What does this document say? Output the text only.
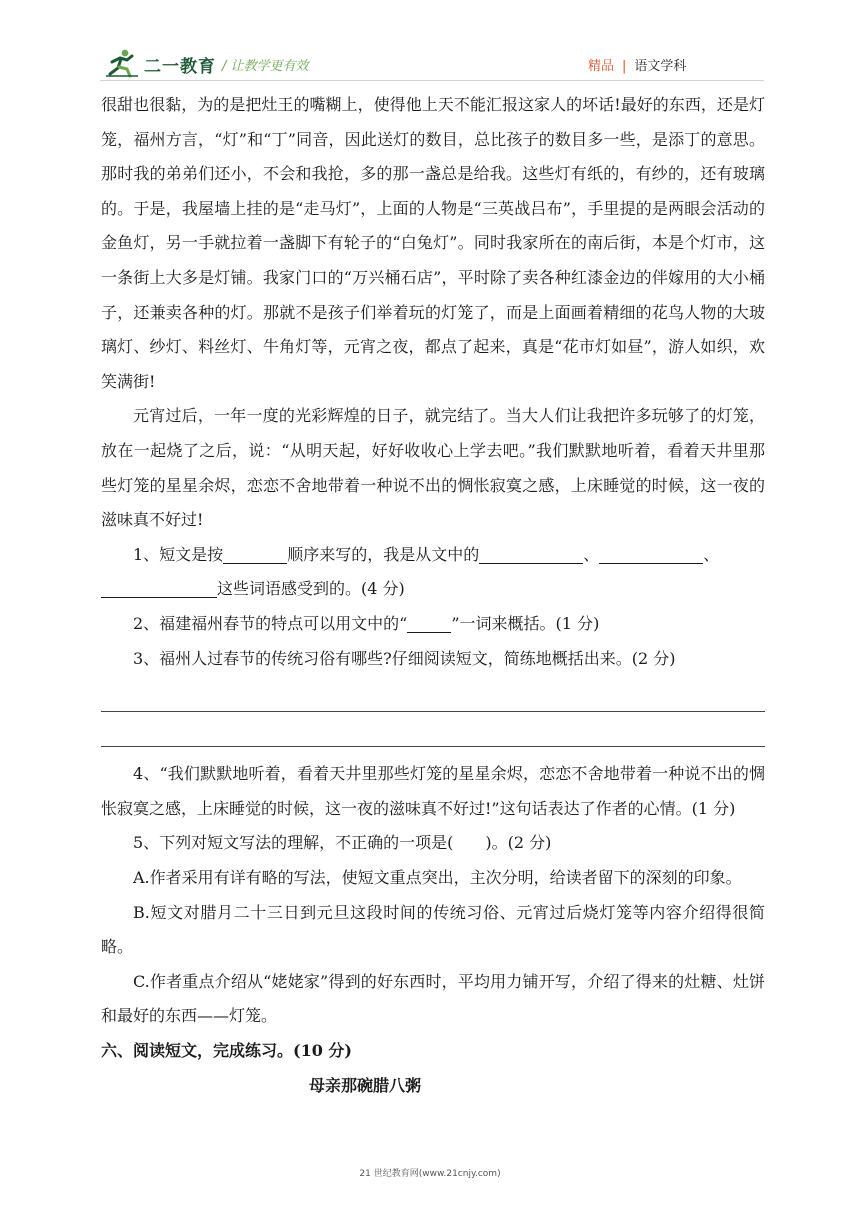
二一教育 / 让教学更有效	精品 | 语文学科

很甜也很黏，为的是把灶王的嘴糊上，使得他上天不能汇报这家人的坏话!最好的东西，还是灯笼，福州方言，“灯”和“丁”同音，因此送灯的数目，总比孩子的数目多一些，是添丁的意思。那时我的弟弟们还小，不会和我抢，多的那一盏总是给我。这些灯有纸的，有纱的，还有玻璃的。于是，我屋墙上挂的是“走马灯”，上面的人物是“三英战吕布”，手里提的是两眼会活动的金鱼灯，另一手就拉着一盏脚下有轮子的“白兔灯”。同时我家所在的南后街，本是个灯市，这一条街上大多是灯铺。我家门口的“万兴桶石店”，平时除了卖各种红漆金边的伴嫁用的大小桶子，还兼卖各种的灯。那就不是孩子们举着玩的灯笼了，而是上面画着精细的花鸟人物的大玻璃灯、纱灯、料丝灯、牛角灯等，元宵之夜，都点了起来，真是“花市灯如昼”，游人如织，欢笑满街!

元宵过后，一年一度的光彩辉煌的日子，就完结了。当大人们让我把许多玩够了的灯笼，放在一起烧了之后，说：“从明天起，好好收收心上学去吧。”我们默默地听着，看着天井里那些灯笼的星星余烬，恋恋不舍地带着一种说不出的惆怅寂寞之感，上床睡觉的时候，这一夜的滋味真不好过!

1、短文是按	顺序来写的，我是从文中的	、	、

这些词语感受到的。(4 分)

2、福建福州春节的特点可以用文中的“	”一词来概括。(1 分)

3、福州人过春节的传统习俗有哪些?仔细阅读短文，简练地概括出来。(2 分)

4、“我们默默地听着，看着天井里那些灯笼的星星余烬，恋恋不舍地带着一种说不出的惆怅寂寞之感，上床睡觉的时候，这一夜的滋味真不好过!”这句话表达了作者的心情。(1 分)

5、下列对短文写法的理解，不正确的一项是(　　)。(2 分)

A.作者采用有详有略的写法，使短文重点突出，主次分明，给读者留下的深刻的印象。

B.短文对腊月二十三日到元旦这段时间的传统习俗、元宵过后烧灯笼等内容介绍得很简略。

C.作者重点介绍从“姥姥家”得到的好东西时，平均用力铺开写，介绍了得来的灶糖、灶饼和最好的东西——灯笼。

六、阅读短文，完成练习。(10 分)

母亲那碗腊八粥

21 世纪教育网(www.21cnjy.com)
